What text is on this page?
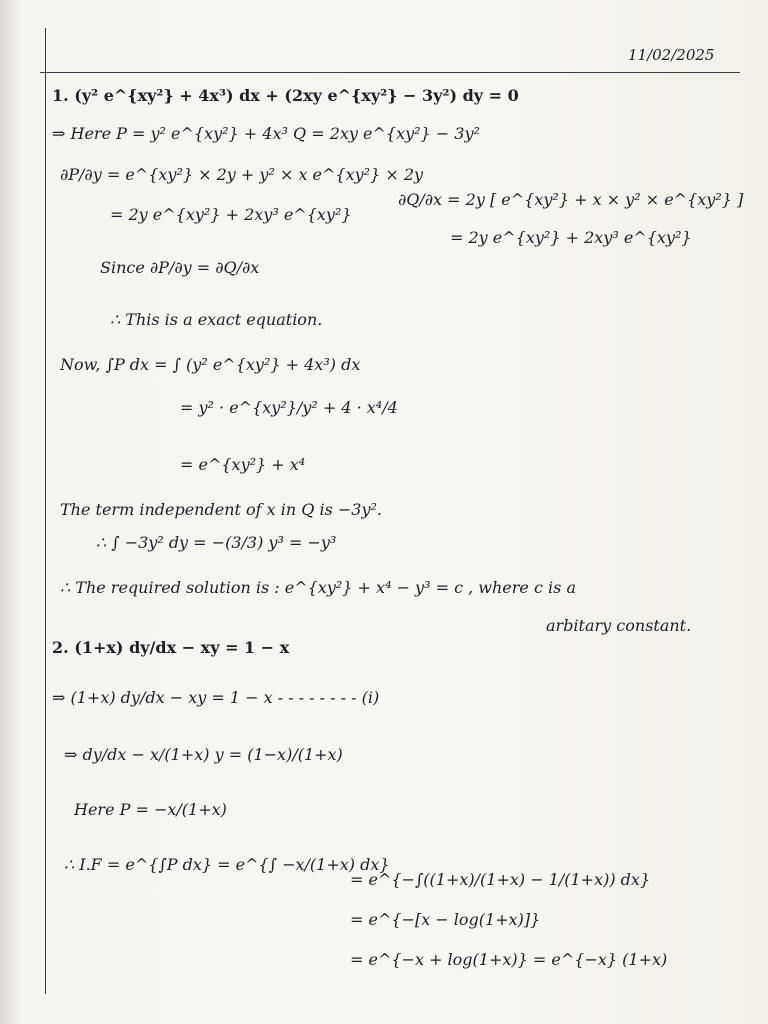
11/02/2025
1. (y² e^{xy²} + 4x³) dx + (2xy e^{xy²} − 3y²) dy = 0
⇒ Here P = y² e^{xy²} + 4x³ Q = 2xy e^{xy²} − 3y²
∂P/∂y = e^{xy²} × 2y + y² × x e^{xy²} × 2y
∂Q/∂x = 2y [ e^{xy²} + x × y² × e^{xy²} ]
= 2y e^{xy²} + 2xy³ e^{xy²}
= 2y e^{xy²} + 2xy³ e^{xy²}
Since ∂P/∂y = ∂Q/∂x
∴ This is a exact equation.
Now, ∫P dx = ∫ (y² e^{xy²} + 4x³) dx
= y² · e^{xy²}/y² + 4 · x⁴/4
= e^{xy²} + x⁴
The term independent of x in Q is −3y².
∴ ∫ −3y² dy = −(3/3) y³ = −y³
∴ The required solution is : e^{xy²} + x⁴ − y³ = c , where c is a
arbitary constant.
2. (1+x) dy/dx − xy = 1 − x
⇒ (1+x) dy/dx − xy = 1 − x - - - - - - - - (i)
⇒ dy/dx − x/(1+x) y = (1−x)/(1+x)
Here P = −x/(1+x)
∴ I.F = e^{∫P dx} = e^{∫ −x/(1+x) dx}
= e^{−∫((1+x)/(1+x) − 1/(1+x)) dx}
= e^{−[x − log(1+x)]}
= e^{−x + log(1+x)} = e^{−x} (1+x)
